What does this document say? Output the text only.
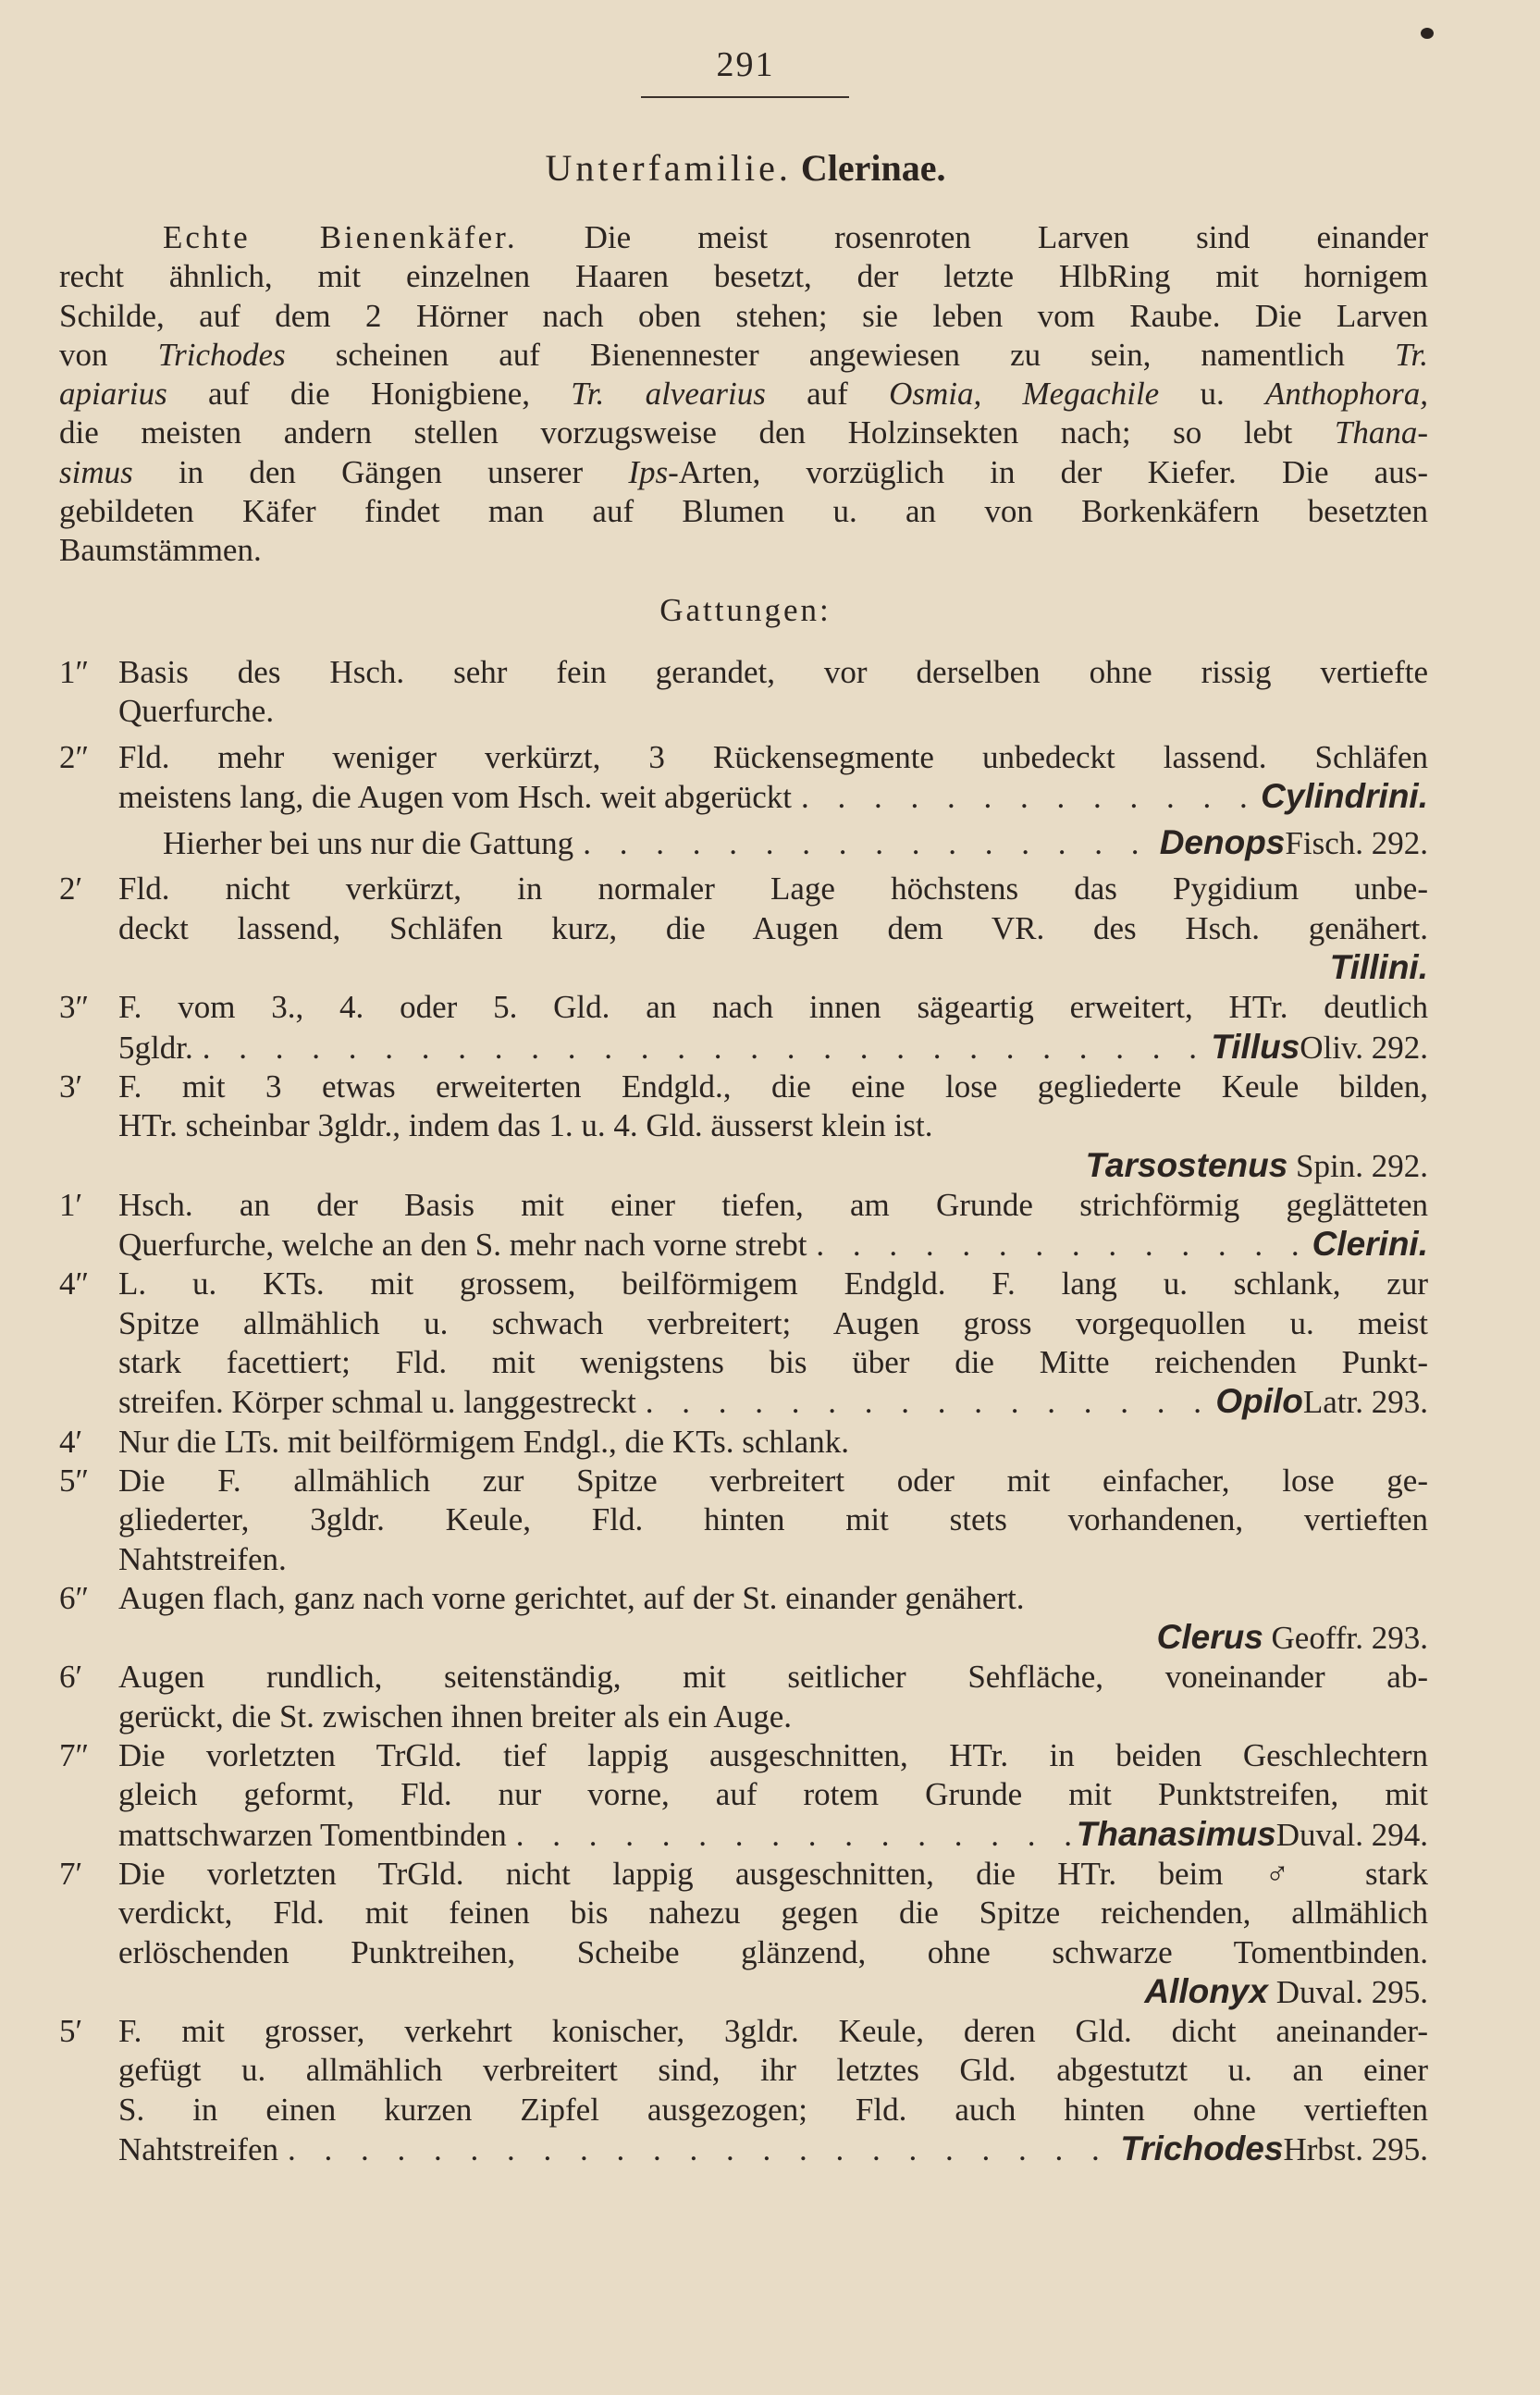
291
Unterfamilie. Clerinae.
Echte Bienenkäfer. Die meist rosenroten Larven sind einander
recht ähnlich, mit einzelnen Haaren besetzt, der letzte HlbRing mit hornigem
Schilde, auf dem 2 Hörner nach oben stehen; sie leben vom Raube. Die Larven
von Trichodes scheinen auf Bienennester angewiesen zu sein, namentlich Tr.
apiarius auf die Honigbiene, Tr. alvearius auf Osmia, Megachile u. Anthophora,
die meisten andern stellen vorzugsweise den Holzinsekten nach; so lebt Thana-
simus in den Gängen unserer Ips-Arten, vorzüglich in der Kiefer. Die aus-
gebildeten Käfer findet man auf Blumen u. an von Borkenkäfern besetzten
Baumstämmen.
Gattungen:
1″ Basis des Hsch. sehr fein gerandet, vor derselben ohne rissig vertiefte
Querfurche.
2″ Fld. mehr weniger verkürzt, 3 Rückensegmente unbedeckt lassend. Schläfen
meistens lang, die Augen vom Hsch. weit abgerückt . . .	Cylindrini.
Hierher bei uns nur die Gattung . . .	Denops Fisch. 292.
2′ Fld. nicht verkürzt, in normaler Lage höchstens das Pygidium unbe-
deckt lassend, Schläfen kurz, die Augen dem VR. des Hsch. genähert.
Tillini.
3″ F. vom 3., 4. oder 5. Gld. an nach innen sägeartig erweitert, HTr. deutlich
5gldr. . . .	Tillus Oliv. 292.
3′ F. mit 3 etwas erweiterten Endgld., die eine lose gegliederte Keule bilden,
HTr. scheinbar 3gldr., indem das 1. u. 4. Gld. äusserst klein ist.
Tarsostenus Spin. 292.
1′ Hsch. an der Basis mit einer tiefen, am Grunde strichförmig geglätteten
Querfurche, welche an den S. mehr nach vorne strebt . . .	Clerini.
4″ L. u. KTs. mit grossem, beilförmigem Endgld. F. lang u. schlank, zur
Spitze allmählich u. schwach verbreitert; Augen gross vorgequollen u. meist
stark facettiert; Fld. mit wenigstens bis über die Mitte reichenden Punkt-
streifen. Körper schmal u. langgestreckt . . .	Opilo Latr. 293.
4′ Nur die LTs. mit beilförmigem Endgl., die KTs. schlank.
5″ Die F. allmählich zur Spitze verbreitert oder mit einfacher, lose ge-
gliederter, 3gldr. Keule, Fld. hinten mit stets vorhandenen, vertieften
Nahtstreifen.
6″ Augen flach, ganz nach vorne gerichtet, auf der St. einander genähert.
Clerus Geoffr. 293.
6′ Augen rundlich, seitenständig, mit seitlicher Sehfläche, voneinander ab-
gerückt, die St. zwischen ihnen breiter als ein Auge.
7″ Die vorletzten TrGld. tief lappig ausgeschnitten, HTr. in beiden Geschlechtern
gleich geformt, Fld. nur vorne, auf rotem Grunde mit Punktstreifen, mit
mattschwarzen Tomentbinden . . .	Thanasimus Duval. 294.
7′ Die vorletzten TrGld. nicht lappig ausgeschnitten, die HTr. beim ♂ stark
verdickt, Fld. mit feinen bis nahezu gegen die Spitze reichenden, allmählich
erlöschenden Punktreihen, Scheibe glänzend, ohne schwarze Tomentbinden.
Allonyx Duval. 295.
5′ F. mit grosser, verkehrt konischer, 3gldr. Keule, deren Gld. dicht aneinander-
gefügt u. allmählich verbreitert sind, ihr letztes Gld. abgestutzt u. an einer
S. in einen kurzen Zipfel ausgezogen; Fld. auch hinten ohne vertieften
Nahtstreifen . . .	Trichodes Hrbst. 295.
